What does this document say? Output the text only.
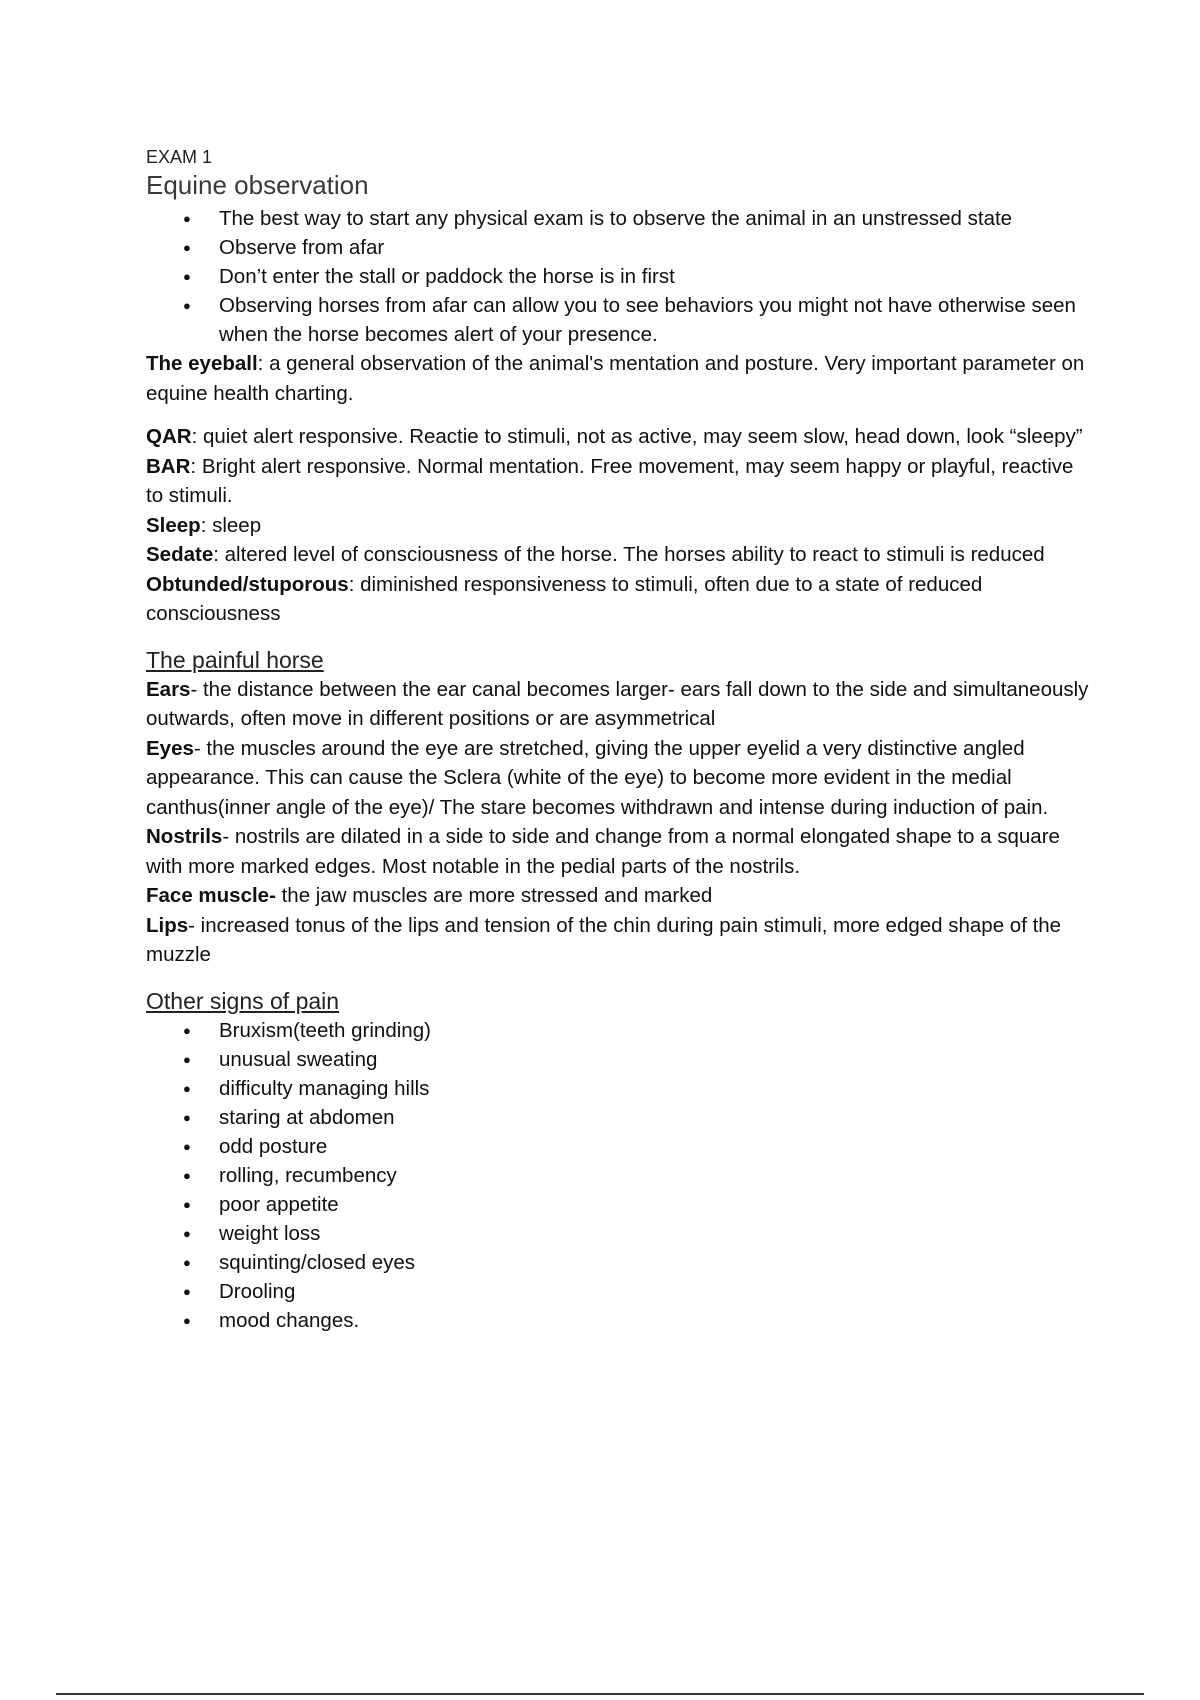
EXAM 1

Equine observation
● The best way to start any physical exam is to observe the animal in an unstressed state
● Observe from afar
● Don’t enter the stall or paddock the horse is in first
● Observing horses from afar can allow you to see behaviors you might not have otherwise seen when the horse becomes alert of your presence.

The eyeball: a general observation of the animal's mentation and posture. Very important parameter on equine health charting.

QAR: quiet alert responsive. Reactie to stimuli, not as active, may seem slow, head down, look “sleepy”

BAR: Bright alert responsive. Normal mentation. Free movement, may seem happy or playful, reactive to stimuli.

Sleep: sleep

Sedate: altered level of consciousness of the horse. The horses ability to react to stimuli is reduced

Obtunded/stuporous: diminished responsiveness to stimuli, often due to a state of reduced consciousness

The painful horse

Ears- the distance between the ear canal becomes larger- ears fall down to the side and simultaneously outwards, often move in different positions or are asymmetrical

Eyes- the muscles around the eye are stretched, giving the upper eyelid a very distinctive angled appearance. This can cause the Sclera (white of the eye) to become more evident in the medial canthus(inner angle of the eye)/ The stare becomes withdrawn and intense during induction of pain.

Nostrils- nostrils are dilated in a side to side and change from a normal elongated shape to a square with more marked edges. Most notable in the pedial parts of the nostrils.

Face muscle- the jaw muscles are more stressed and marked

Lips- increased tonus of the lips and tension of the chin during pain stimuli, more edged shape of the muzzle

Other signs of pain
● Bruxism(teeth grinding)
● unusual sweating
● difficulty managing hills
● staring at abdomen
● odd posture
● rolling, recumbency
● poor appetite
● weight loss
● squinting/closed eyes
● Drooling
● mood changes.
